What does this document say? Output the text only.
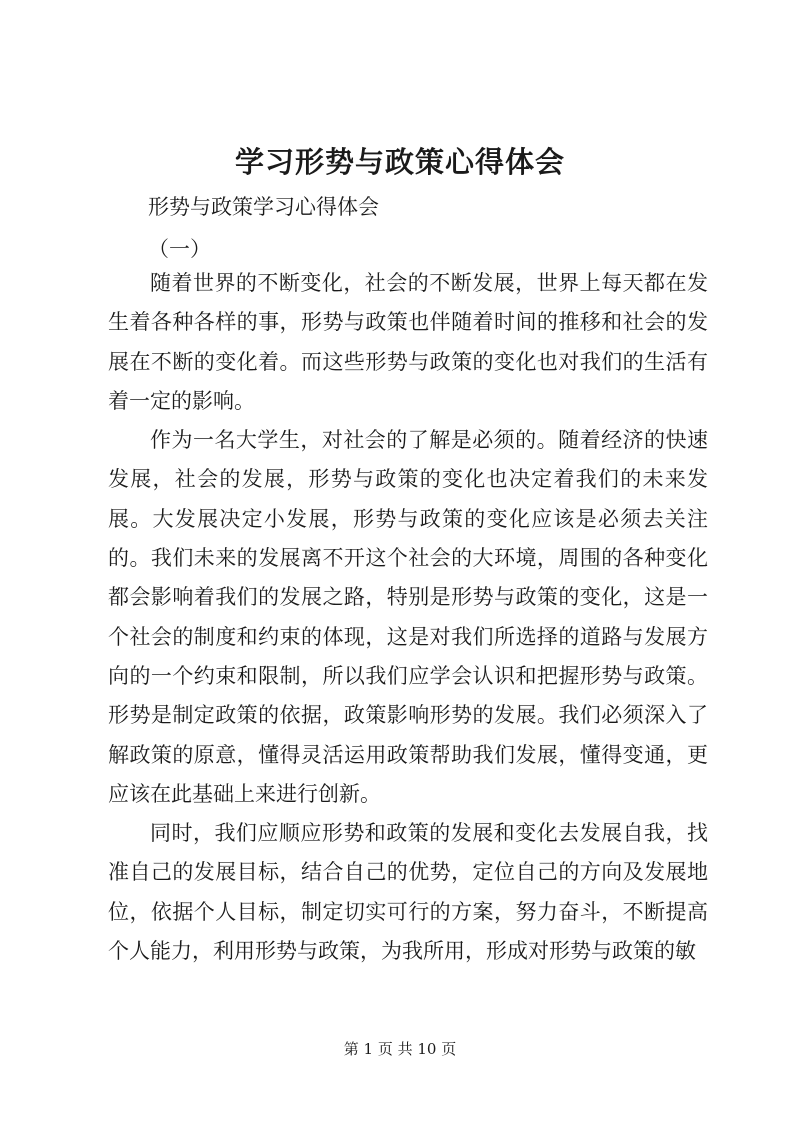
学习形势与政策心得体会

形势与政策学习心得体会

（一）

随着世界的不断变化，社会的不断发展，世界上每天都在发生着各种各样的事，形势与政策也伴随着时间的推移和社会的发展在不断的变化着。而这些形势与政策的变化也对我们的生活有着一定的影响。

作为一名大学生，对社会的了解是必须的。随着经济的快速发展，社会的发展，形势与政策的变化也决定着我们的未来发展。大发展决定小发展，形势与政策的变化应该是必须去关注的。我们未来的发展离不开这个社会的大环境，周围的各种变化都会影响着我们的发展之路，特别是形势与政策的变化，这是一个社会的制度和约束的体现，这是对我们所选择的道路与发展方向的一个约束和限制，所以我们应学会认识和把握形势与政策。形势是制定政策的依据，政策影响形势的发展。我们必须深入了解政策的原意，懂得灵活运用政策帮助我们发展，懂得变通，更应该在此基础上来进行创新。

同时，我们应顺应形势和政策的发展和变化去发展自我，找准自己的发展目标，结合自己的优势，定位自己的方向及发展地位，依据个人目标，制定切实可行的方案，努力奋斗，不断提高个人能力，利用形势与政策，为我所用，形成对形势与政策的敏

第 1 页 共 10 页
